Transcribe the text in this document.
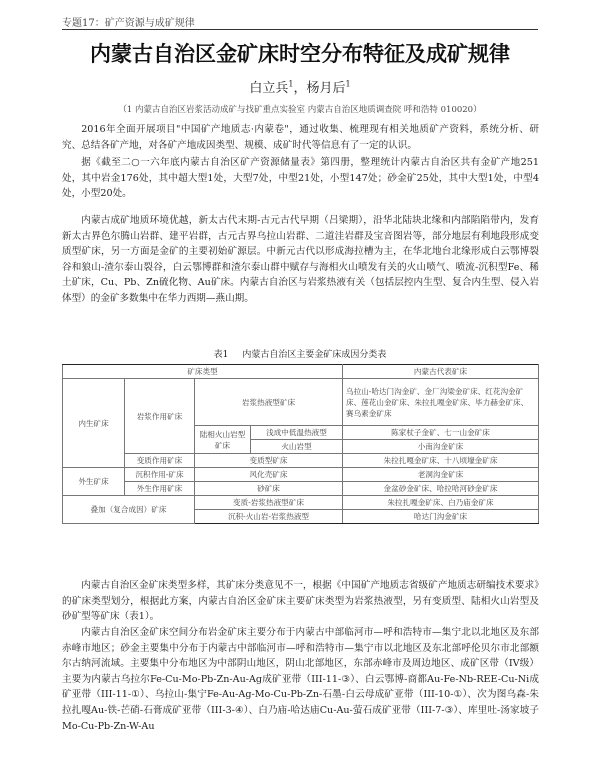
专题17：矿产资源与成矿规律
内蒙古自治区金矿床时空分布特征及成矿规律
白立兵$^1$，杨月后$^1$
（1 内蒙古自治区岩浆活动成矿与找矿重点实验室 内蒙古自治区地质调查院 呼和浩特 010020）

2016年全面开展项目"中国矿产地质志·内蒙卷"，通过收集、梳理现有相关地质矿产资料，系统分析、研究、总结各矿产地，对各矿产地成因类型、规模、成矿时代等信息有了一定的认识。

据《截至二○一六年底内蒙古自治区矿产资源储量表》第四册，整理统计内蒙古自治区共有金矿产地251处，其中岩金176处，其中超大型1处，大型7处，中型21处，小型147处；砂金矿25处，其中大型1处，中型4处，小型20处。

内蒙古成矿地质环境优越，新太古代末期-古元古代早期（吕梁期），沿华北陆块北缘和内部陷陷带内，发育新太古界色尔腾山岩群、建平岩群，古元古界乌拉山岩群、二道洼岩群及宝音图岩等，部分地层有利地段形成变质型矿床，另一方面是金矿的主要初始矿源层。中新元古代以形成海拉槽为主，在华北地台北缘形成白云鄂博裂谷和狼山-渣尔泰山裂谷，白云鄂博群和渣尔泰山群中赋存与海相火山喷发有关的火山喷气、喷流-沉积型Fe、稀土矿床，Cu、Pb、Zn硫化物、Au矿床。内蒙古自治区与岩浆热液有关（包括层控内生型、复合内生型、侵入岩体型）的金矿多数集中在华力西期—燕山期。

表1 内蒙古自治区主要金矿床成因分类表
矿床类型				内蒙古代表矿床
内生矿床	岩浆作用矿床	岩浆热液型矿床		乌拉山-哈达门沟金矿、金厂沟梁金矿床、红花沟金矿床、莲花山金矿床、朱拉扎嘎金矿床、毕力赫金矿床、赛乌素金矿床
		陆相火山岩型矿床	浅成中低温热液型	陈家杖子金矿、七一山金矿床
			火山岩型	小南沟金矿床
	变质作用矿床	变质型矿床		朱拉扎嘎金矿床、十八顷壕金矿床
外生矿床	沉积作用-矿床	风化壳矿床		老洞沟金矿床
	外生作用矿床	砂矿床		金盆砂金矿床、哈拉哈河砂金矿床
叠加（复合成因）矿床		变质-岩浆热液型矿床		朱拉扎嘎金矿床、白乃庙金矿床
		沉积-火山岩-岩浆热液型		哈达门沟金矿床

内蒙古自治区金矿床类型多样，其矿床分类意见不一，根据《中国矿产地质志省级矿产地质志研编技术要求》的矿床类型划分，根据此方案，内蒙古自治区金矿床主要矿床类型为岩浆热液型，另有变质型、陆相火山岩型及砂矿型等矿床（表1）。

内蒙古自治区金矿床空间分布岩金矿床主要分布于内蒙古中部临河市—呼和浩特市—集宁北以北地区及东部赤峰市地区；砂金主要集中分布于内蒙古中部临河市—呼和浩特市—集宁市以北地区及东北部呼伦贝尔市北部额尔古纳河流域。主要集中分布地区为中部阴山地区，阴山北部地区，东部赤峰市及周边地区、成矿区带（IV级）主要为内蒙古乌拉尔Fe-Cu-Mo-Pb-Zn-Au-Ag成矿亚带（III-11-③）、白云鄂博-商都Au-Fe-Nb-REE-Cu-Ni成矿亚带（III-11-①）、乌拉山-集宁Fe-Au-Ag-Mo-Cu-Pb-Zn-石墨-白云母成矿亚带（III-10-①）、次为图乌森-朱拉扎嘎Au-铁-芒硝-石膏成矿亚带（III-3-④）、白乃庙-哈达庙Cu-Au-萤石成矿亚带（III-7-③）、库里吐-汤家坡子Mo-Cu-Pb-Zn-W-Au
